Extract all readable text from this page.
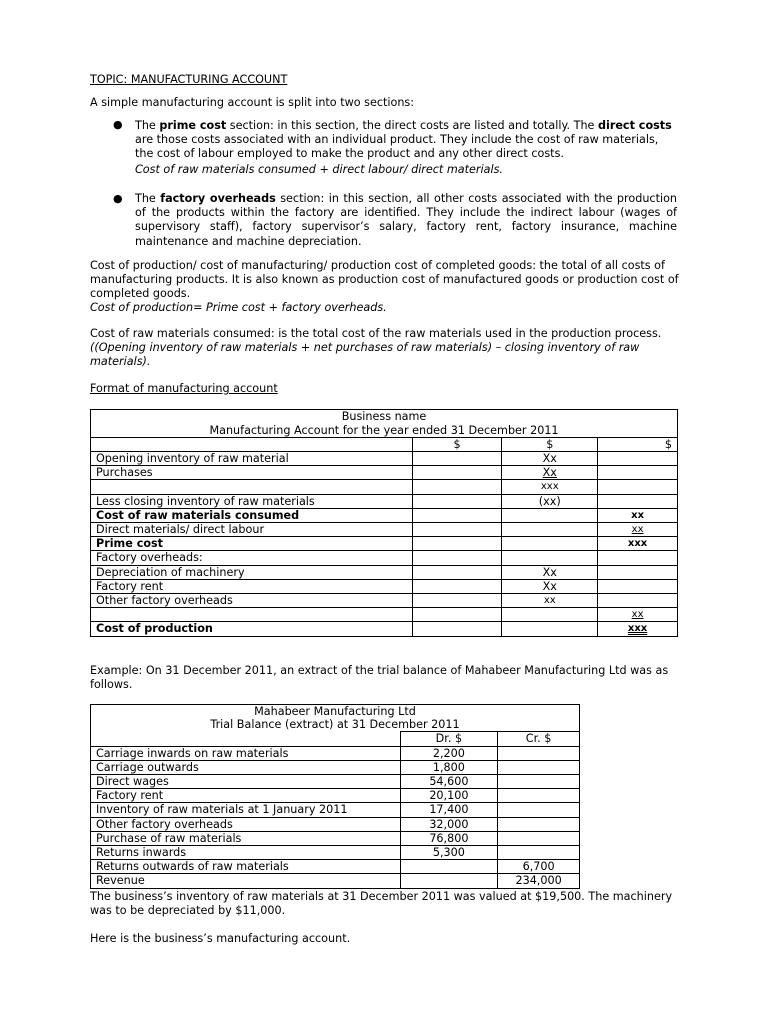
TOPIC: MANUFACTURING ACCOUNT

A simple manufacturing account is split into two sections:

● The prime cost section: in this section, the direct costs are listed and totally. The direct costs are those costs associated with an individual product. They include the cost of raw materials, the cost of labour employed to make the product and any other direct costs.

Cost of raw materials consumed + direct labour/ direct materials.

● The factory overheads section: in this section, all other costs associated with the production of the products within the factory are identified. They include the indirect labour (wages of supervisory staff), factory supervisor’s salary, factory rent, factory insurance, machine maintenance and machine depreciation.

Cost of production/ cost of manufacturing/ production cost of completed goods: the total of all costs of manufacturing products. It is also known as production cost of manufactured goods or production cost of completed goods.

Cost of production= Prime cost + factory overheads.

Cost of raw materials consumed: is the total cost of the raw materials used in the production process.

((Opening inventory of raw materials + net purchases of raw materials) – closing inventory of raw materials).

Format of manufacturing account

Business name			
Manufacturing Account for the year ended 31 December 2011			
	$	$	$
Opening inventory of raw material		Xx	
Purchases		Xx	
		xxx	
Less closing inventory of raw materials		(xx)	
Cost of raw materials consumed			xx
Direct materials/ direct labour			xx
Prime cost			xxx
Factory overheads:			
Depreciation of machinery		Xx	
Factory rent		Xx	
Other factory overheads		xx	
			xx
Cost of production			xxx

Example: On 31 December 2011, an extract of the trial balance of Mahabeer Manufacturing Ltd was as follows.

Mahabeer Manufacturing Ltd		
Trial Balance (extract) at 31 December 2011		
	Dr. $	Cr. $
Carriage inwards on raw materials	2,200	
Carriage outwards	1,800	
Direct wages	54,600	
Factory rent	20,100	
Inventory of raw materials at 1 January 2011	17,400	
Other factory overheads	32,000	
Purchase of raw materials	76,800	
Returns inwards	5,300	
Returns outwards of raw materials		6,700
Revenue		234,000

The business’s inventory of raw materials at 31 December 2011 was valued at $19,500. The machinery was to be depreciated by $11,000.

Here is the business’s manufacturing account.
